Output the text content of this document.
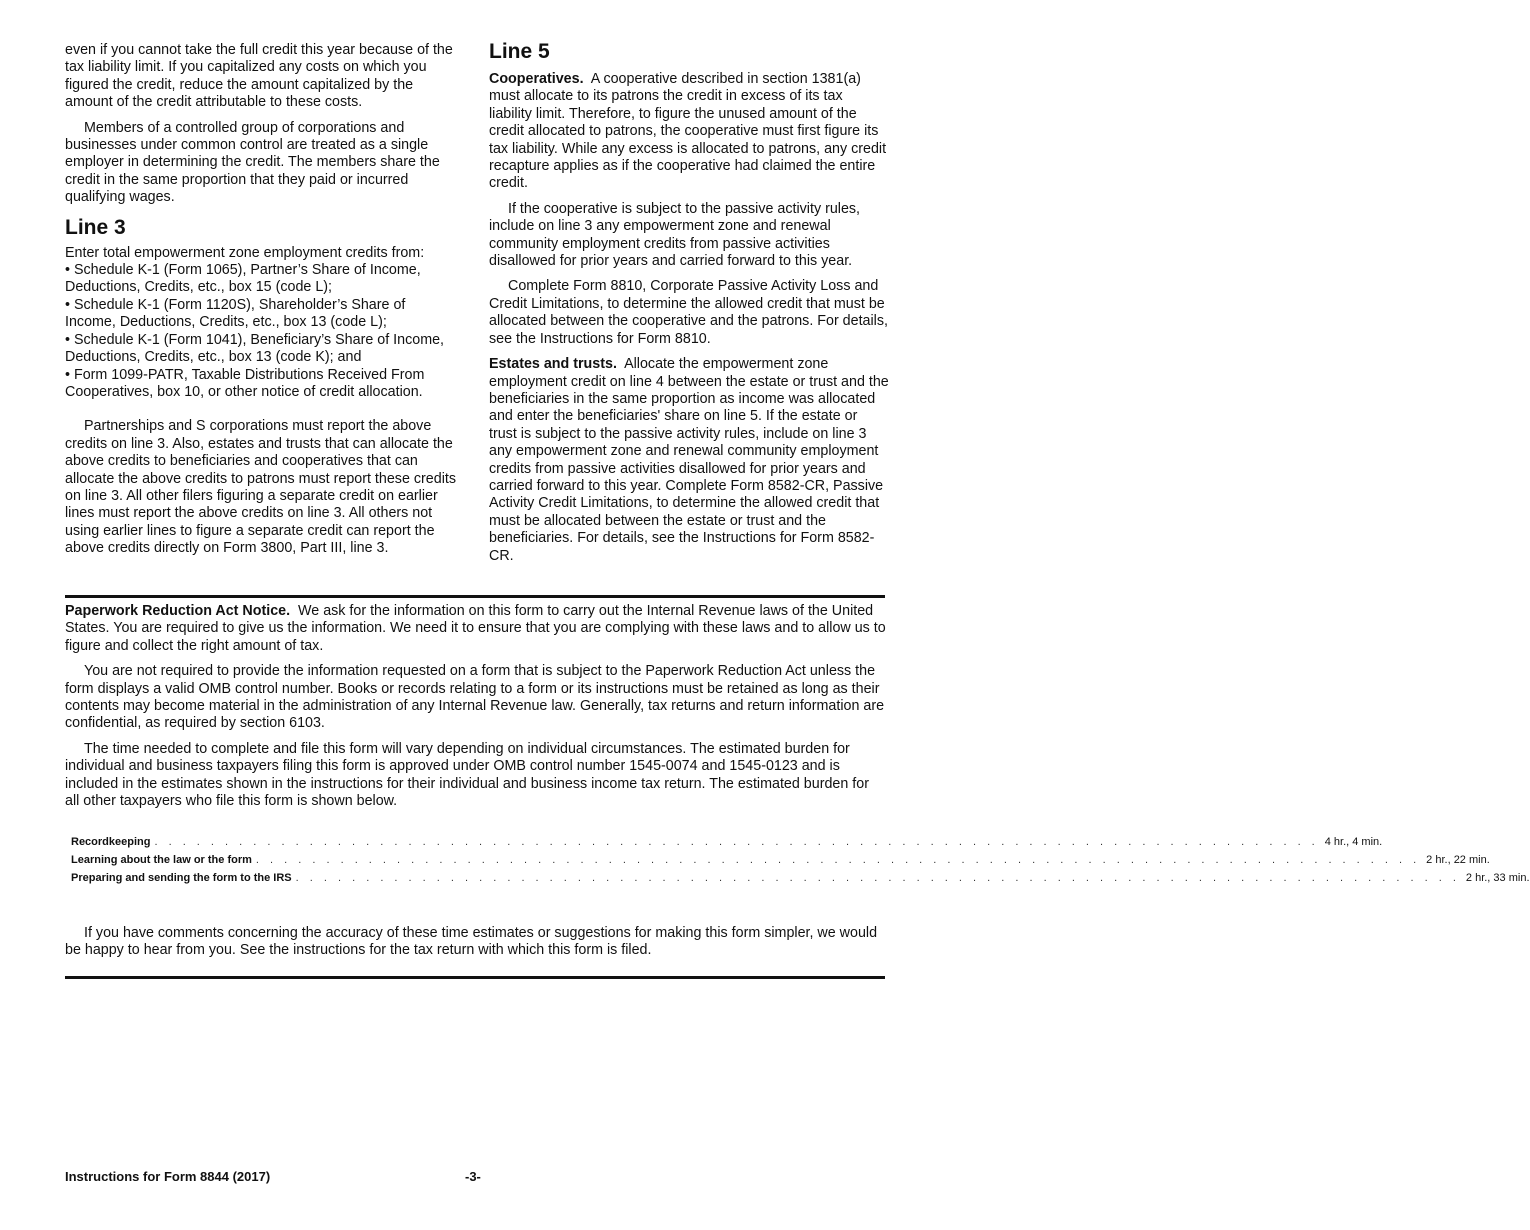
even if you cannot take the full credit this year because of the tax liability limit. If you capitalized any costs on which you figured the credit, reduce the amount capitalized by the amount of the credit attributable to these costs.

Members of a controlled group of corporations and businesses under common control are treated as a single employer in determining the credit. The members share the credit in the same proportion that they paid or incurred qualifying wages.

Line 3
Enter total empowerment zone employment credits from:
• Schedule K-1 (Form 1065), Partner’s Share of Income, Deductions, Credits, etc., box 15 (code L);
• Schedule K-1 (Form 1120S), Shareholder’s Share of Income, Deductions, Credits, etc., box 13 (code L);
• Schedule K-1 (Form 1041), Beneficiary’s Share of Income, Deductions, Credits, etc., box 13 (code K); and
• Form 1099-PATR, Taxable Distributions Received From Cooperatives, box 10, or other notice of credit allocation.

Partnerships and S corporations must report the above credits on line 3. Also, estates and trusts that can allocate the above credits to beneficiaries and cooperatives that can allocate the above credits to patrons must report these credits on line 3. All other filers figuring a separate credit on earlier lines must report the above credits on line 3. All others not using earlier lines to figure a separate credit can report the above credits directly on Form 3800, Part III, line 3.

Line 5

Cooperatives. A cooperative described in section 1381(a) must allocate to its patrons the credit in excess of its tax liability limit. Therefore, to figure the unused amount of the credit allocated to patrons, the cooperative must first figure its tax liability. While any excess is allocated to patrons, any credit recapture applies as if the cooperative had claimed the entire credit.

If the cooperative is subject to the passive activity rules, include on line 3 any empowerment zone and renewal community employment credits from passive activities disallowed for prior years and carried forward to this year.

Complete Form 8810, Corporate Passive Activity Loss and Credit Limitations, to determine the allowed credit that must be allocated between the cooperative and the patrons. For details, see the Instructions for Form 8810.

Estates and trusts. Allocate the empowerment zone employment credit on line 4 between the estate or trust and the beneficiaries in the same proportion as income was allocated and enter the beneficiaries' share on line 5. If the estate or trust is subject to the passive activity rules, include on line 3 any empowerment zone and renewal community employment credits from passive activities disallowed for prior years and carried forward to this year. Complete Form 8582-CR, Passive Activity Credit Limitations, to determine the allowed credit that must be allocated between the estate or trust and the beneficiaries. For details, see the Instructions for Form 8582-CR.

Paperwork Reduction Act Notice. We ask for the information on this form to carry out the Internal Revenue laws of the United States. You are required to give us the information. We need it to ensure that you are complying with these laws and to allow us to figure and collect the right amount of tax.

You are not required to provide the information requested on a form that is subject to the Paperwork Reduction Act unless the form displays a valid OMB control number. Books or records relating to a form or its instructions must be retained as long as their contents may become material in the administration of any Internal Revenue law. Generally, tax returns and return information are confidential, as required by section 6103.

The time needed to complete and file this form will vary depending on individual circumstances. The estimated burden for individual and business taxpayers filing this form is approved under OMB control number 1545-0074 and 1545-0123 and is included in the estimates shown in the instructions for their individual and business income tax return. The estimated burden for all other taxpayers who file this form is shown below.

Recordkeeping . . . . . . . . . . . . . . . . . . . . . . . . . . . . . . . . . . . . . . . . . . . . . . . . . . . . . . . . . . . . . . . . . . . . . . . . . . . . . . . . . . . 4 hr., 4 min.
Learning about the law or the form . . . . . . . . . . . . . . . . . . . . . . . . . . . . . . . . . . . . . . . . . . . . . . . . . . . . . . . . . . . . . . . . . . . . . . . . . . . . . . . . . . . 2 hr., 22 min.
Preparing and sending the form to the IRS . . . . . . . . . . . . . . . . . . . . . . . . . . . . . . . . . . . . . . . . . . . . . . . . . . . . . . . . . . . . . . . . . . . . . . . . . . . . . . . . . . . 2 hr., 33 min.

If you have comments concerning the accuracy of these time estimates or suggestions for making this form simpler, we would be happy to hear from you. See the instructions for the tax return with which this form is filed.

Instructions for Form 8844 (2017)	-3-
